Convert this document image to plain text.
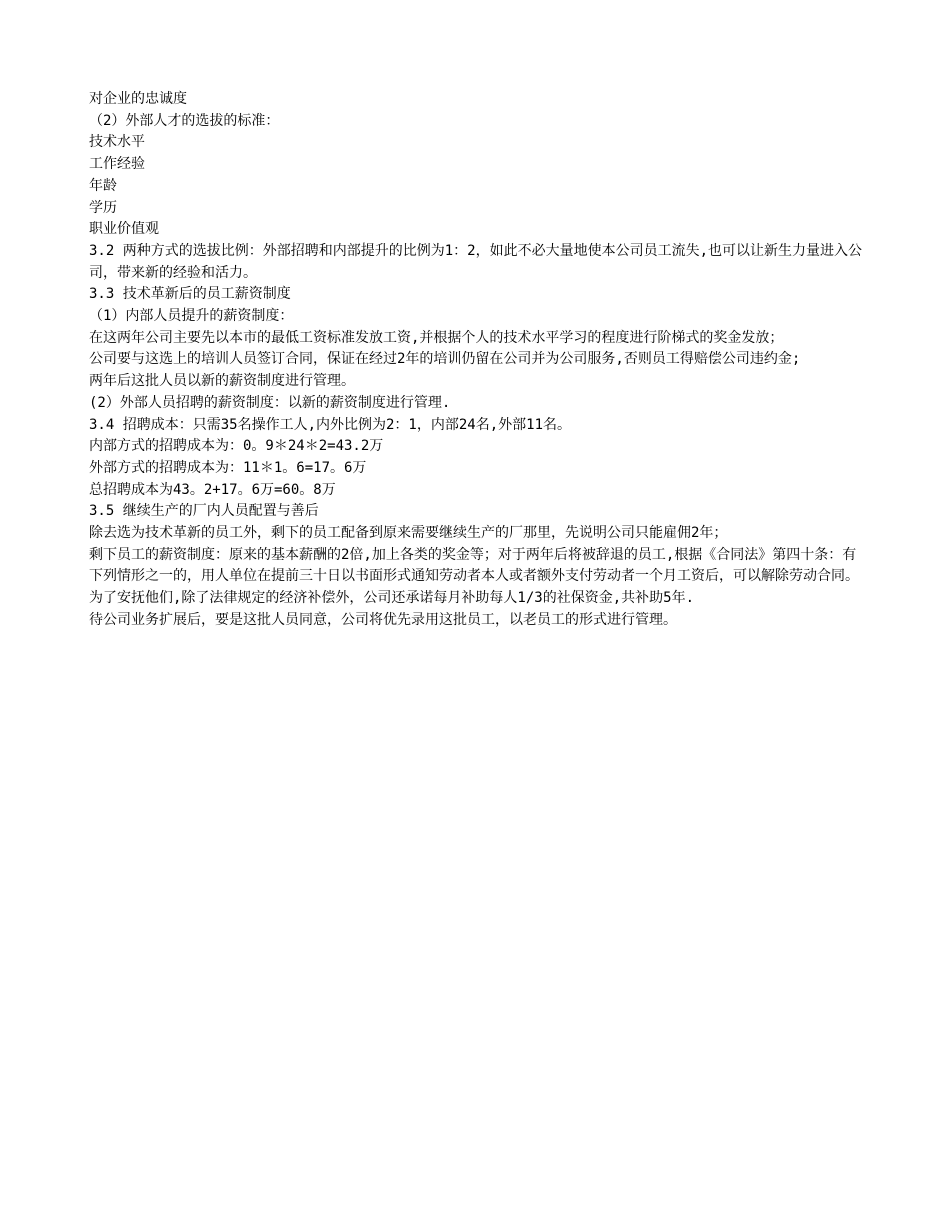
对企业的忠诚度

（2）外部人才的选拔的标准：

技术水平

工作经验

年龄

学历

职业价值观

3.2 两种方式的选拔比例：外部招聘和内部提升的比例为1：2，如此不必大量地使本公司员工流失,也可以让新生力量进入公司，带来新的经验和活力。

3.3 技术革新后的员工薪资制度

（1）内部人员提升的薪资制度：

在这两年公司主要先以本市的最低工资标准发放工资,并根据个人的技术水平学习的程度进行阶梯式的奖金发放；

公司要与这选上的培训人员签订合同，保证在经过2年的培训仍留在公司并为公司服务,否则员工得赔偿公司违约金;

两年后这批人员以新的薪资制度进行管理。

(2）外部人员招聘的薪资制度：以新的薪资制度进行管理.

3.4 招聘成本：只需35名操作工人,内外比例为2：1，内部24名,外部11名。

内部方式的招聘成本为：0。9＊24＊2=43.2万

外部方式的招聘成本为：11＊1。6=17。6万

总招聘成本为43。2+17。6万=60。8万

3.5 继续生产的厂内人员配置与善后

除去选为技术革新的员工外，剩下的员工配备到原来需要继续生产的厂那里，先说明公司只能雇佣2年；

剩下员工的薪资制度：原来的基本薪酬的2倍,加上各类的奖金等；对于两年后将被辞退的员工,根据《合同法》第四十条：有下列情形之一的，用人单位在提前三十日以书面形式通知劳动者本人或者额外支付劳动者一个月工资后，可以解除劳动合同。为了安抚他们,除了法律规定的经济补偿外，公司还承诺每月补助每人1/3的社保资金,共补助5年.

待公司业务扩展后，要是这批人员同意，公司将优先录用这批员工，以老员工的形式进行管理。
